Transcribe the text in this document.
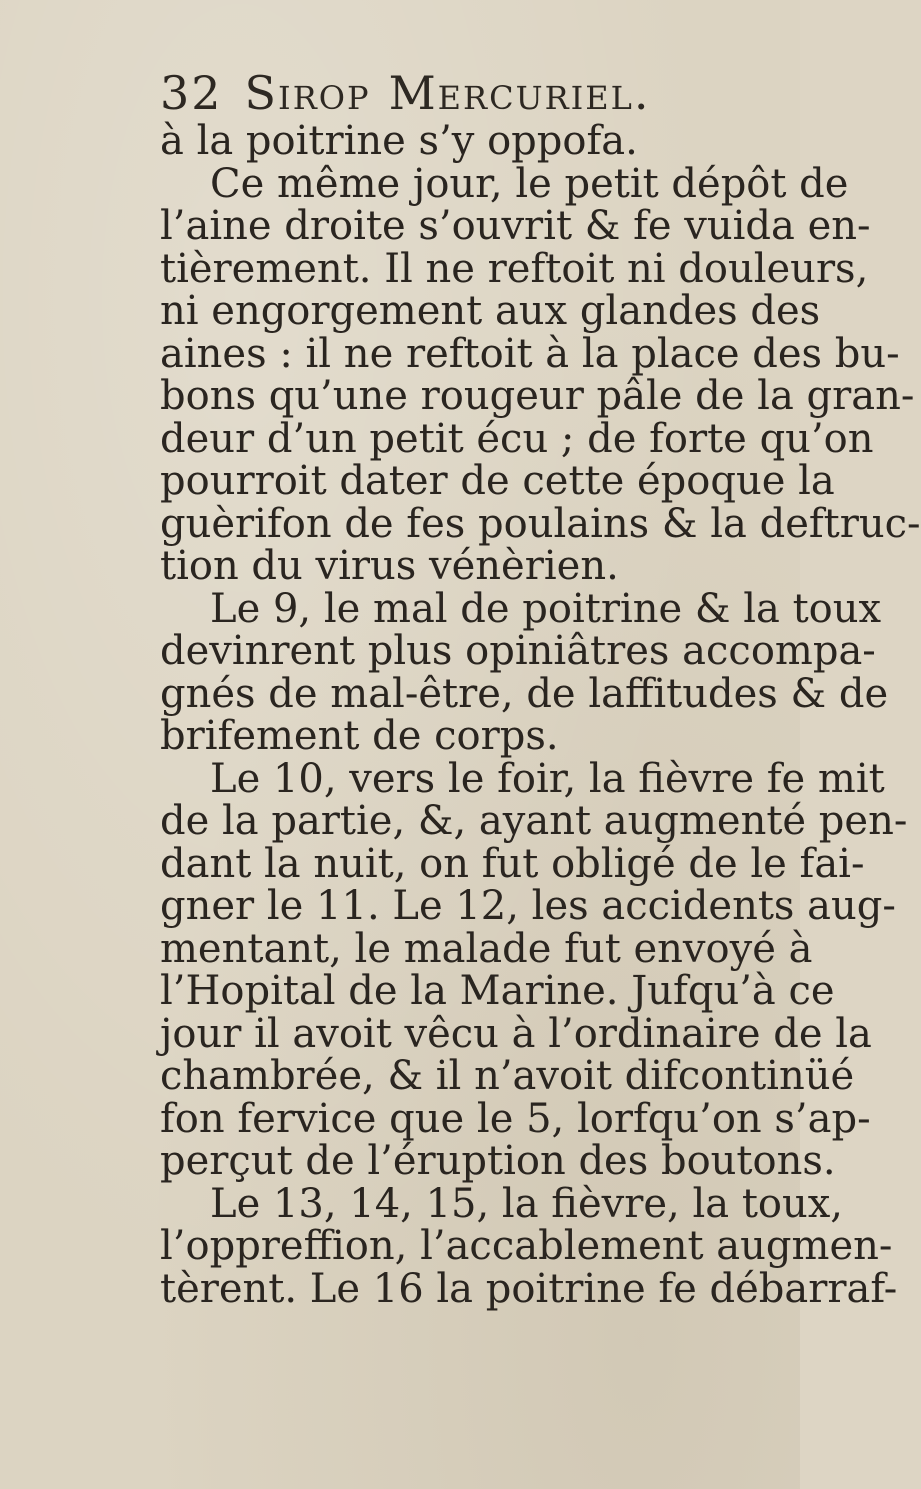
32 Sirop Mercuriel.
à la poitrine s’y oppofa.
Ce même jour, le petit dépôt de
l’aine droite s’ouvrit & fe vuida en-
tièrement. Il ne reftoit ni douleurs,
ni engorgement aux glandes des
aines : il ne reftoit à la place des bu-
bons qu’une rougeur pâle de la gran-
deur d’un petit écu ; de forte qu’on
pourroit dater de cette époque la
guèrifon de fes poulains & la deftruc-
tion du virus vénèrien.
Le 9, le mal de poitrine & la toux
devinrent plus opiniâtres accompa-
gnés de mal-être, de laffitudes & de
brifement de corps.
Le 10, vers le foir, la fièvre fe mit
de la partie, &, ayant augmenté pen-
dant la nuit, on fut obligé de le fai-
gner le 11. Le 12, les accidents aug-
mentant, le malade fut envoyé à
l’Hopital de la Marine. Jufqu’à ce
jour il avoit vêcu à l’ordinaire de la
chambrée, & il n’avoit difcontinüé
fon fervice que le 5, lorfqu’on s’ap-
perçut de l’éruption des boutons.
Le 13, 14, 15, la fièvre, la toux,
l’oppreffion, l’accablement augmen-
tèrent. Le 16 la poitrine fe débarraf-
